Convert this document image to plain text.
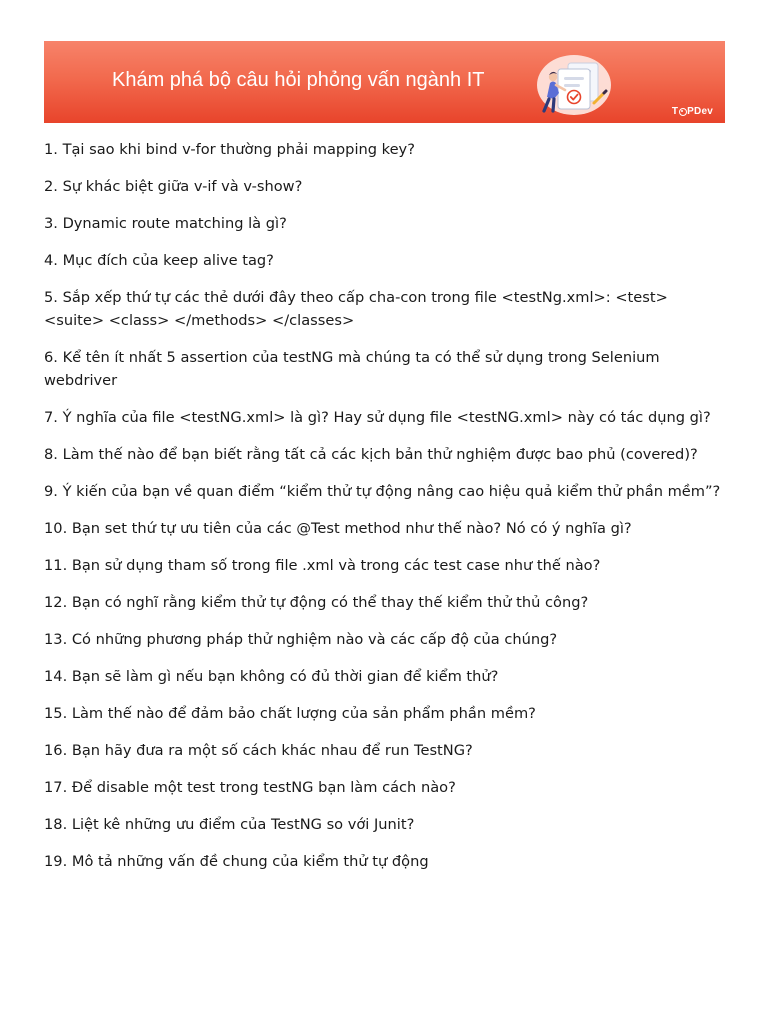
Khám phá bộ câu hỏi phỏng vấn ngành IT
T PDev
1. Tại sao khi bind v-for thường phải mapping key?
2. Sự khác biệt giữa v-if và v-show?
3. Dynamic route matching là gì?
4. Mục đích của keep alive tag?
5. Sắp xếp thứ tự các thẻ dưới đây theo cấp cha-con trong file <testNg.xml>: <test> <suite> <class> </methods> </classes>
6. Kể tên ít nhất 5 assertion của testNG mà chúng ta có thể sử dụng trong Selenium webdriver
7. Ý nghĩa của file <testNG.xml> là gì? Hay sử dụng file <testNG.xml> này có tác dụng gì?
8. Làm thế nào để bạn biết rằng tất cả các kịch bản thử nghiệm được bao phủ (covered)?
9. Ý kiến của bạn về quan điểm “kiểm thử tự động nâng cao hiệu quả kiểm thử phần mềm”?
10. Bạn set thứ tự ưu tiên của các @Test method như thế nào? Nó có ý nghĩa gì?
11. Bạn sử dụng tham số trong file .xml và trong các test case như thế nào?
12. Bạn có nghĩ rằng kiểm thử tự động có thể thay thế kiểm thử thủ công?
13. Có những phương pháp thử nghiệm nào và các cấp độ của chúng?
14. Bạn sẽ làm gì nếu bạn không có đủ thời gian để kiểm thử?
15. Làm thế nào để đảm bảo chất lượng của sản phẩm phần mềm?
16. Bạn hãy đưa ra một số cách khác nhau để run TestNG?
17. Để disable một test trong testNG bạn làm cách nào?
18. Liệt kê những ưu điểm của TestNG so với Junit?
19. Mô tả những vấn đề chung của kiểm thử tự động
